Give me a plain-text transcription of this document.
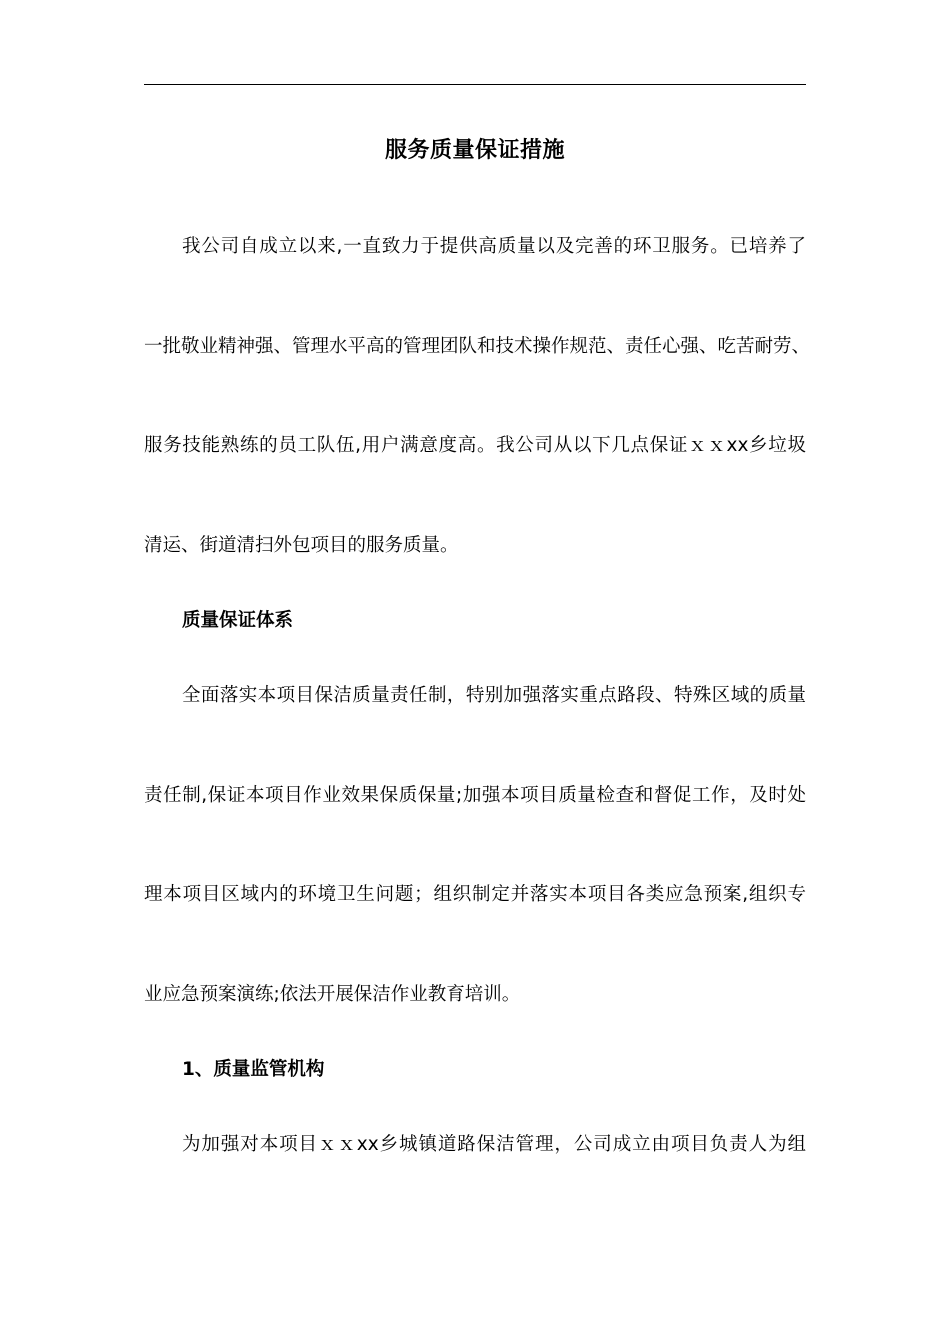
服务质量保证措施
我公司自成立以来,一直致力于提供高质量以及完善的环卫服务。已培养了
一批敬业精神强、管理水平高的管理团队和技术操作规范、责任心强、吃苦耐劳、
服务技能熟练的员工队伍,用户满意度高。我公司从以下几点保证ｘｘxx乡垃圾
清运、街道清扫外包项目的服务质量。
质量保证体系
全面落实本项目保洁质量责任制，特别加强落实重点路段、特殊区域的质量
责任制,保证本项目作业效果保质保量;加强本项目质量检查和督促工作，及时处
理本项目区域内的环境卫生问题；组织制定并落实本项目各类应急预案,组织专
业应急预案演练;依法开展保洁作业教育培训。
1、质量监管机构
为加强对本项目ｘｘxx乡城镇道路保洁管理，公司成立由项目负责人为组
